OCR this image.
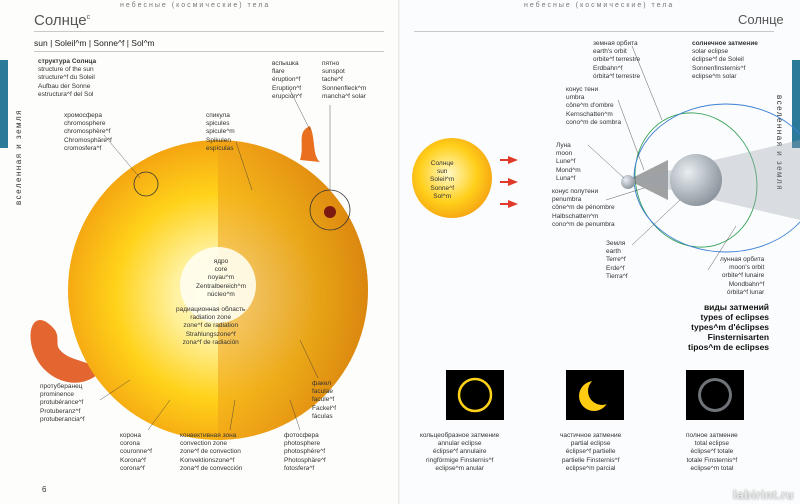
небесные (космические) тела
Солнце$^с$
sun | Soleil^m | Sonne^f | Sol^m
вселенная и земля
структура Солнца
structure of the sun
structure^f du Soleil
Aufbau der Sonne
estructura^f del Sol
хромосфера
chromosphere
chromosphère^f
Chromosphäre^f
cromosfera^f
спикула
spicules
spicule^m
Spikulen
espículas
вспышка
flare
éruption^f
Eruption^f
erupción^f
пятно
sunspot
tache^f
Sonnenfleck^m
mancha^f solar
ядро
core
noyau^m
Zentralbereich^m
núcleo^m
радиационная область
radiation zone
zone^f de radiation
Strahlungszone^f
zona^f de radiación
протуберанец
prominence
protubérance^f
Protuberanz^f
protuberancia^f
корона
corona
couronne^f
Korona^f
corona^f
конвективная зона
convection zone
zone^f de convection
Konvektionszone^f
zona^f de convección
фотосфера
photosphere
photosphère^f
Photosphäre^f
fotosfera^f
факел
faculae
facule^f
Fackel^f
fáculas
6
небесные (космические) тела
Солнце
вселенная и земля
Солнце
sun
Soleil^m
Sonne^f
Sol^m
земная орбита
earth's orbit
orbite^f terrestre
Erdbahn^f
órbita^f terrestre
солнечное затмение
solar eclipse
éclipse^f de Soleil
Sonnenfinsternis^f
eclipse^m solar
конус тени
umbra
cône^m d'ombre
Kernschatten^m
cono^m de sombra
Луна
moon
Lune^f
Mond^m
Luna^f
конус полутени
penumbra
cône^m de pénombre
Halbschatten^m
cono^m de penumbra
Земля
earth
Terre^f
Erde^f
Tierra^f
лунная орбита
moon's orbit
orbite^f lunaire
Mondbahn^f
órbita^f lunar
виды затмений
types of eclipses
types^m d'éclipses
Finsternisarten
tipos^m de eclipses
кольцеобразное затмение
annular eclipse
éclipse^f annulaire
ringförmige Finsternis^f
eclipse^m anular
частичное затмение
partial eclipse
éclipse^f partielle
partielle Finsternis^f
eclipse^m parcial
полное затмение
total eclipse
éclipse^f totale
totale Finsternis^f
eclipse^m total
labirint.ru
